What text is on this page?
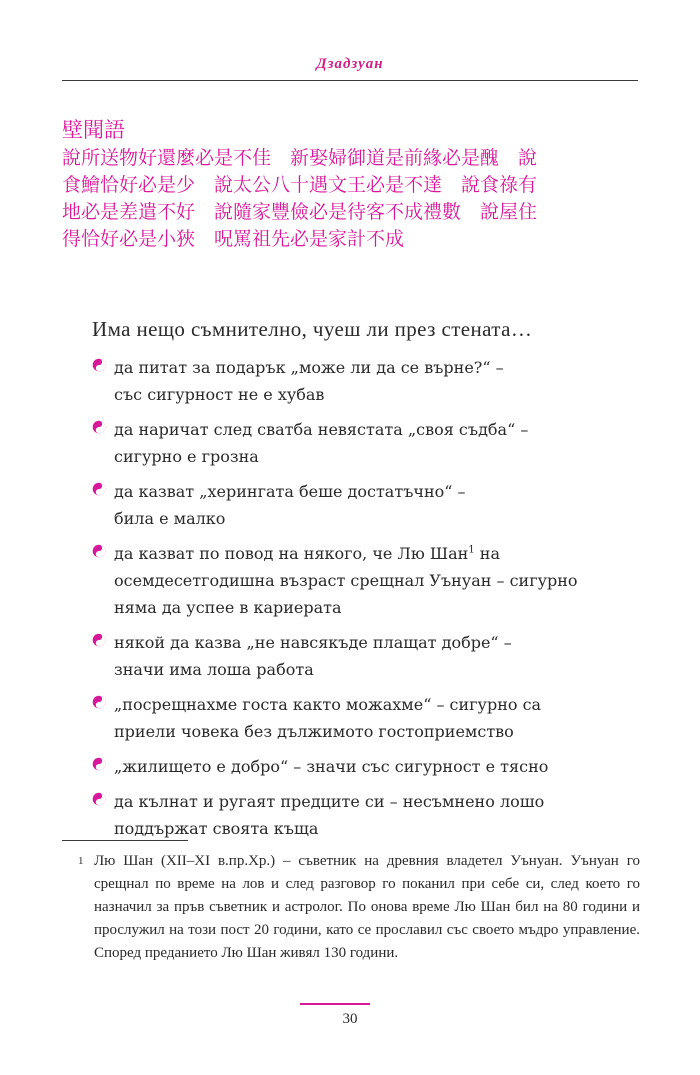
Дзадзуан
壁聞語
說所送物好還麼必是不佳　新娶婦御道是前緣必是醜　說
食鱠恰好必是少　說太公八十遇文王必是不達　說食祿有
地必是差遣不好　說隨家豐儉必是待客不成禮數　說屋住
得恰好必是小狹　呪罵祖先必是家計不成
Има нещо съмнително, чуеш ли през стената…
да питат за подарък „може ли да се върне?“ –
със сигурност не е хубав
да наричат след сватба невястата „своя съдба“ –
сигурно е грозна
да казват „херингата беше достатъчно“ –
била е малко
да казват по повод на някого, че Лю Шан$^1$ на
осемдесетгодишна възраст срещнал Уънуан – сигурно
няма да успее в кариерата
някой да казва „не навсякъде плащат добре“ –
значи има лоша работа
„посрещнахме госта както можахме“ – сигурно са
приели човека без дължимото гостоприемство
„жилището е добро“ – значи със сигурност е тясно
да кълнат и ругаят предците си – несъмнено лошо
поддържат своята къща
1 Лю Шан (XII–XI в.пр.Хр.) – съветник на древния владетел Уънуан. Уънуан го срещнал по време на лов и след разговор го поканил при себе си, след което го назначил за пръв съветник и астролог. По онова време Лю Шан бил на 80 години и прослужил на този пост 20 години, като се прославил със своето мъдро управление. Според преданието Лю Шан живял 130 години.
30
